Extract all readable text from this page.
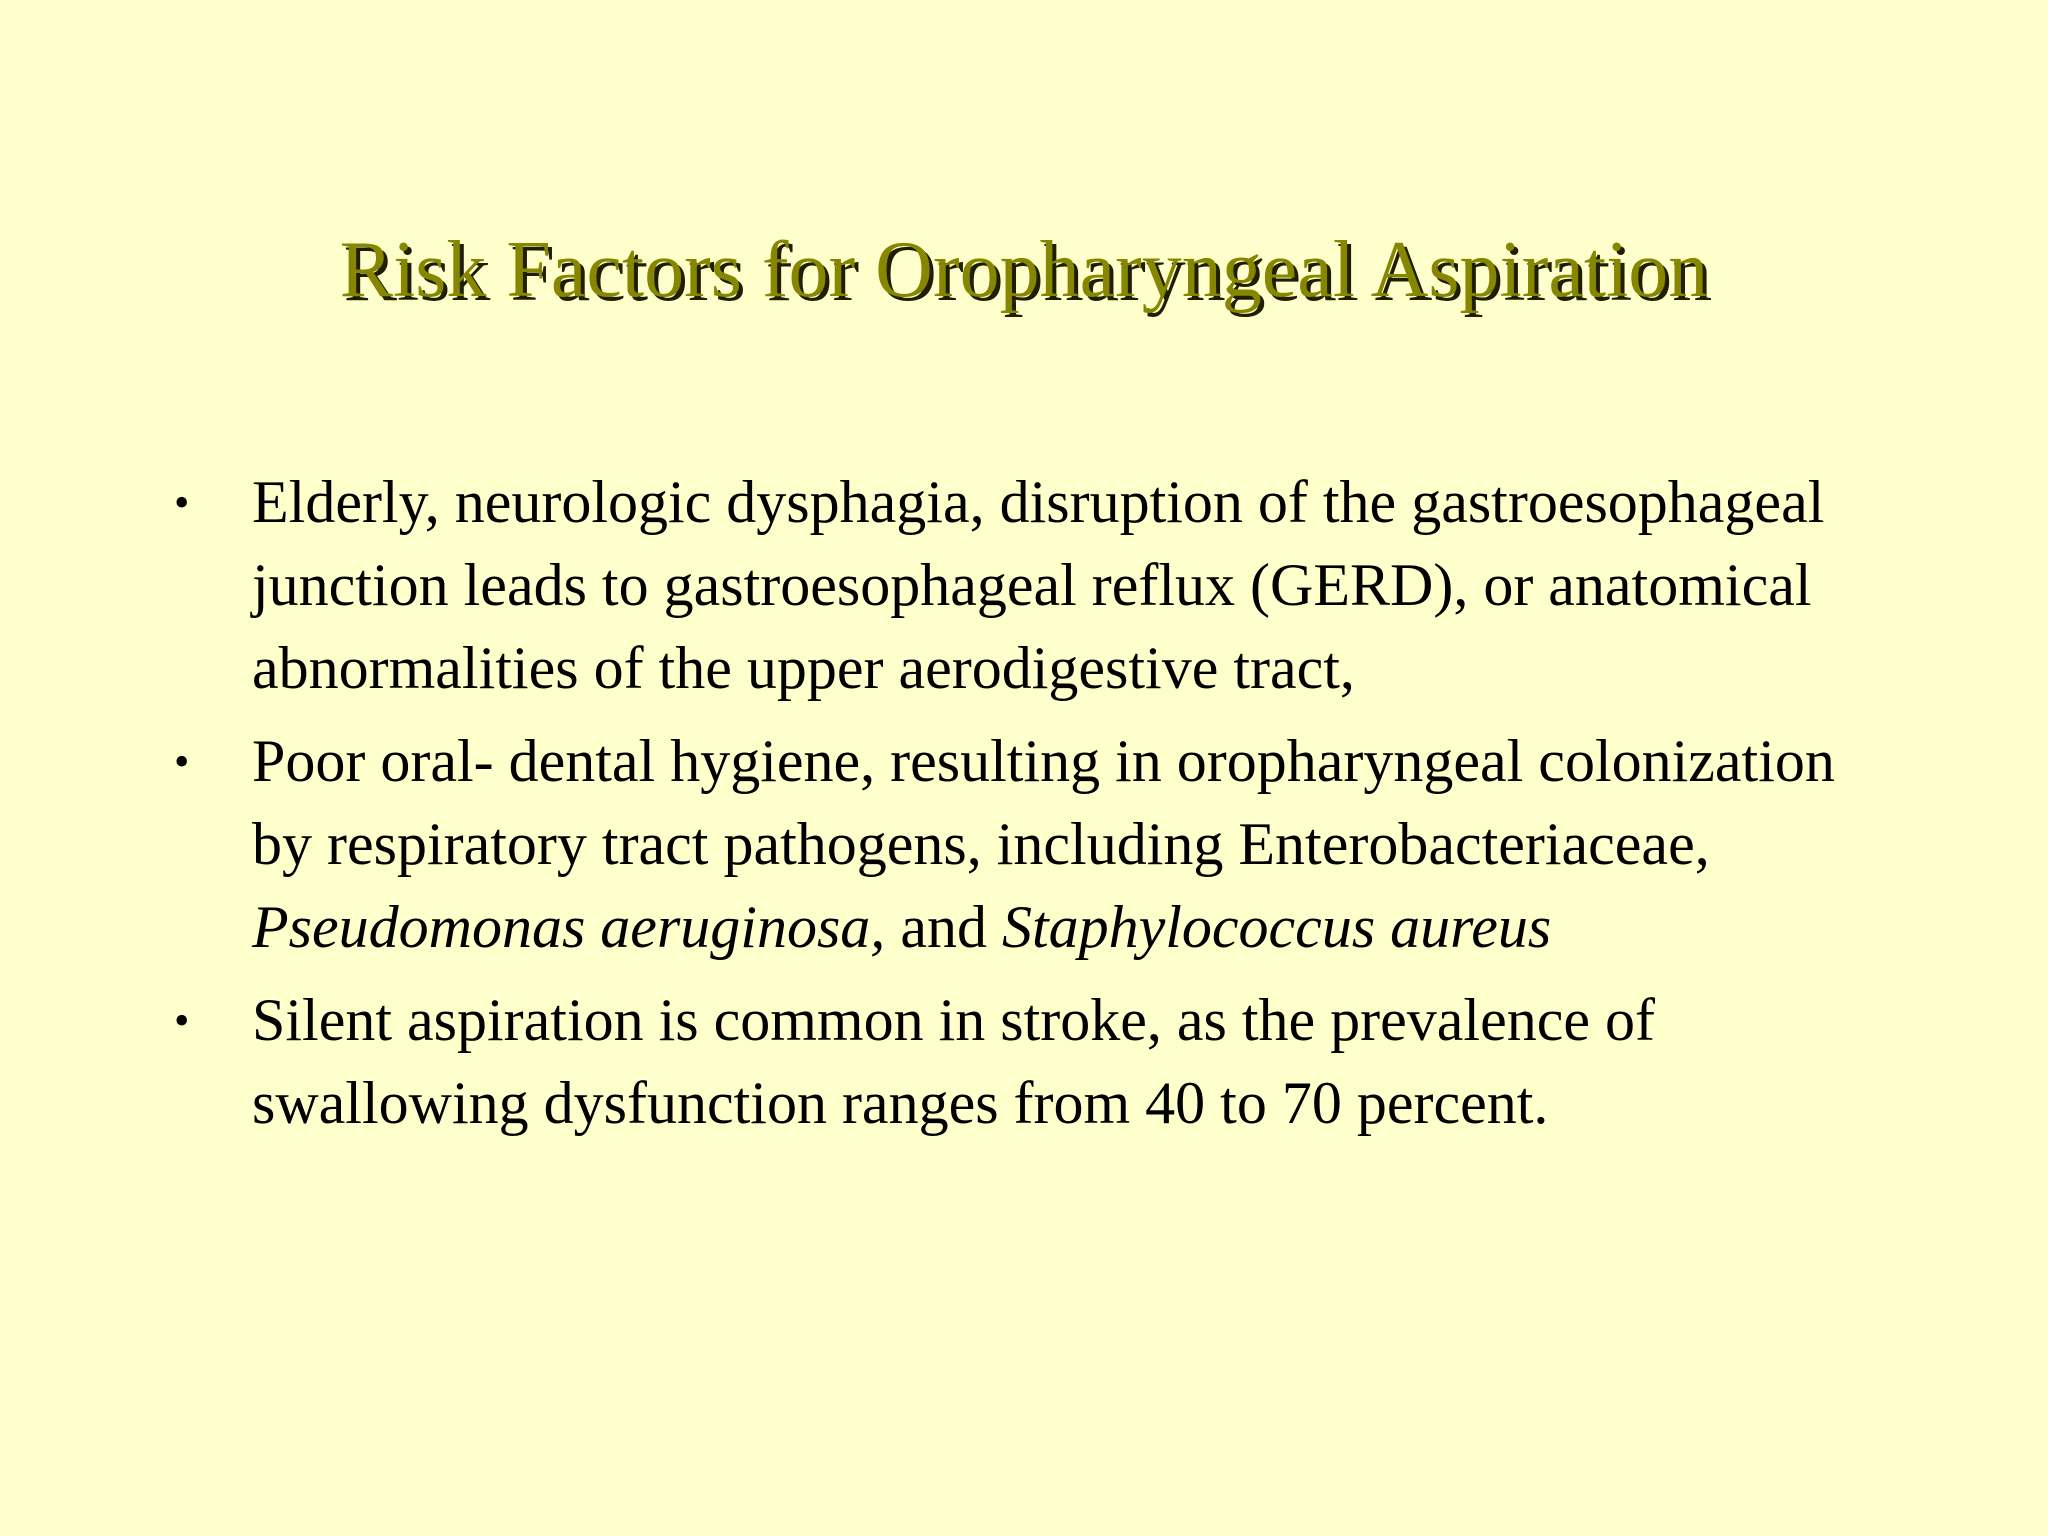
Risk Factors for Oropharyngeal Aspiration
• Elderly, neurologic dysphagia, disruption of the gastroesophageal junction leads to gastroesophageal reflux (GERD), or anatomical abnormalities of the upper aerodigestive tract,
• Poor oral- dental hygiene, resulting in oropharyngeal colonization by respiratory tract pathogens, including Enterobacteriaceae, Pseudomonas aeruginosa, and Staphylococcus aureus
• Silent aspiration is common in stroke, as the prevalence of swallowing dysfunction ranges from 40 to 70 percent.
